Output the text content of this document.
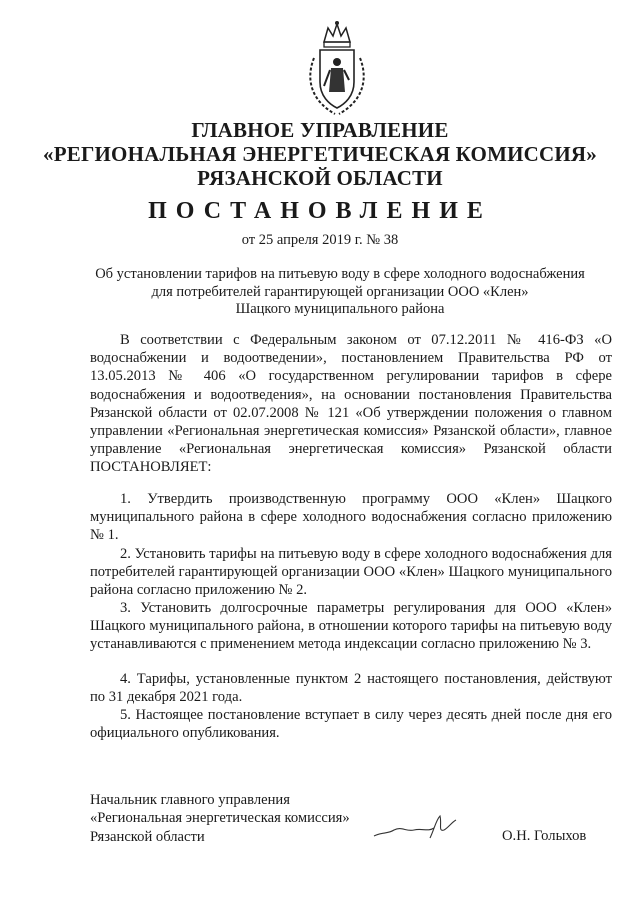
ГЛАВНОЕ УПРАВЛЕНИЕ
«РЕГИОНАЛЬНАЯ ЭНЕРГЕТИЧЕСКАЯ КОМИССИЯ»
РЯЗАНСКОЙ ОБЛАСТИ
ПОСТАНОВЛЕНИЕ
от 25 апреля 2019 г. № 38
Об установлении тарифов на питьевую воду в сфере холодного водоснабжения
для потребителей гарантирующей организации ООО «Клен»
Шацкого муниципального района
В соответствии с Федеральным законом от 07.12.2011 № 416-ФЗ «О водоснабжении и водоотведении», постановлением Правительства РФ от 13.05.2013 № 406 «О государственном регулировании тарифов в сфере водоснабжения и водоотведения», на основании постановления Правительства Рязанской области от 02.07.2008 № 121 «Об утверждении положения о главном управлении «Региональная энергетическая комиссия» Рязанской области», главное управление «Региональная энергетическая комиссия» Рязанской области ПОСТАНОВЛЯЕТ:
1. Утвердить производственную программу ООО «Клен» Шацкого муниципального района в сфере холодного водоснабжения согласно приложению № 1.
2. Установить тарифы на питьевую воду в сфере холодного водоснабжения для потребителей гарантирующей организации ООО «Клен» Шацкого муниципального района согласно приложению № 2.
3. Установить долгосрочные параметры регулирования для ООО «Клен» Шацкого муниципального района, в отношении которого тарифы на питьевую воду устанавливаются с применением метода индексации согласно приложению № 3.
4. Тарифы, установленные пунктом 2 настоящего постановления, действуют по 31 декабря 2021 года.
5. Настоящее постановление вступает в силу через десять дней после дня его официального опубликования.
Начальник главного управления
«Региональная энергетическая комиссия»
Рязанской области	О.Н. Голыхов
